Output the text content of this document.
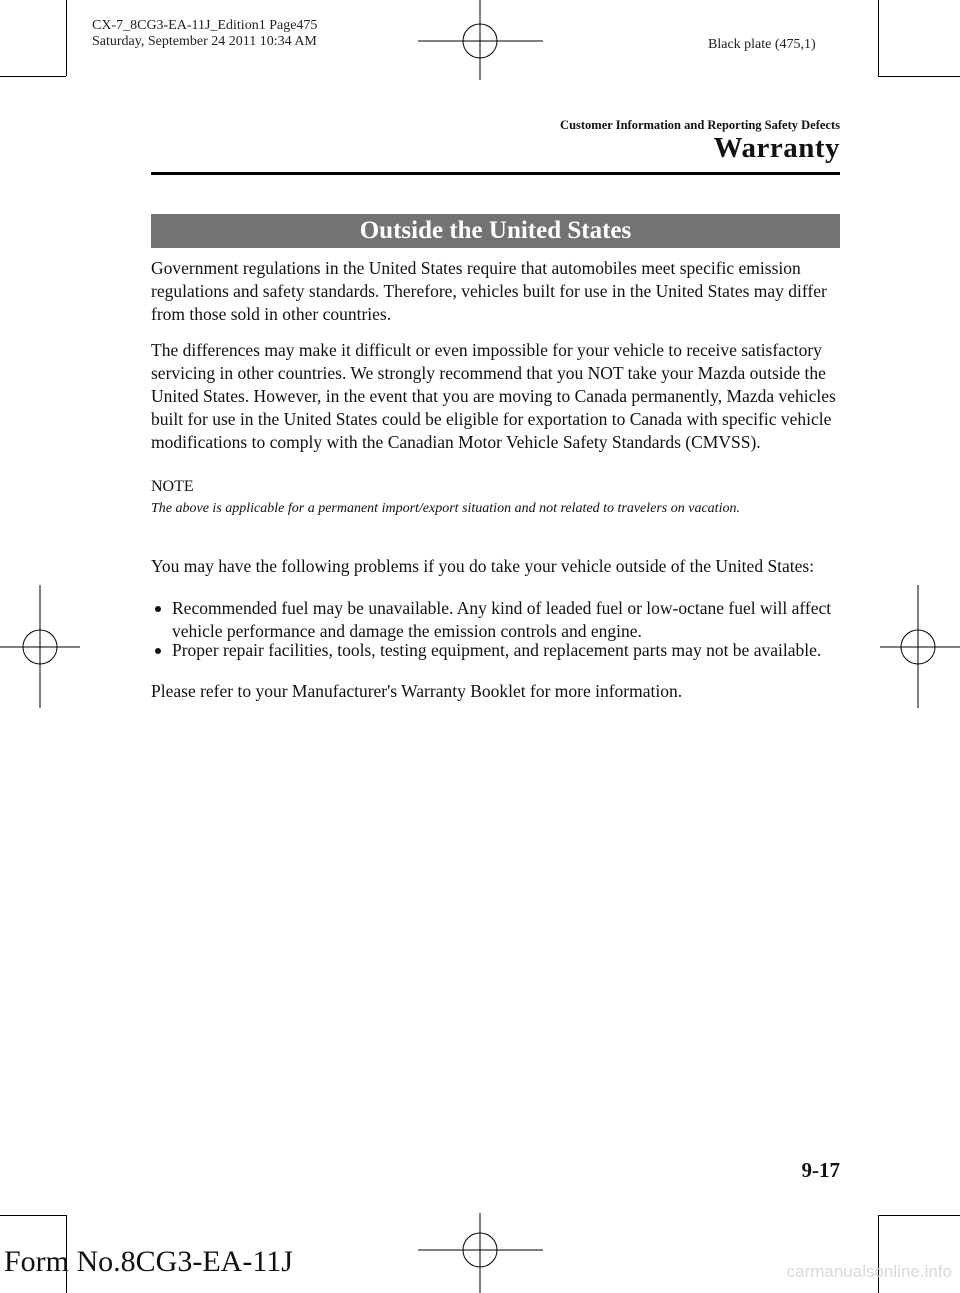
CX-7_8CG3-EA-11J_Edition1 Page475
Saturday, September 24 2011 10:34 AM	Black plate (475,1)
Customer Information and Reporting Safety Defects
Warranty
Outside the United States

Government regulations in the United States require that automobiles meet specific emission regulations and safety standards. Therefore, vehicles built for use in the United States may differ from those sold in other countries.

The differences may make it difficult or even impossible for your vehicle to receive satisfactory servicing in other countries. We strongly recommend that you NOT take your Mazda outside the United States. However, in the event that you are moving to Canada permanently, Mazda vehicles built for use in the United States could be eligible for exportation to Canada with specific vehicle modifications to comply with the Canadian Motor Vehicle Safety Standards (CMVSS).

NOTE

The above is applicable for a permanent import/export situation and not related to travelers on vacation.

You may have the following problems if you do take your vehicle outside of the United States:

Recommended fuel may be unavailable. Any kind of leaded fuel or low-octane fuel will affect vehicle performance and damage the emission controls and engine.
Proper repair facilities, tools, testing equipment, and replacement parts may not be available.

Please refer to your Manufacturer's Warranty Booklet for more information.

9-17
Form No.8CG3-EA-11J	carmanualsonline.info
